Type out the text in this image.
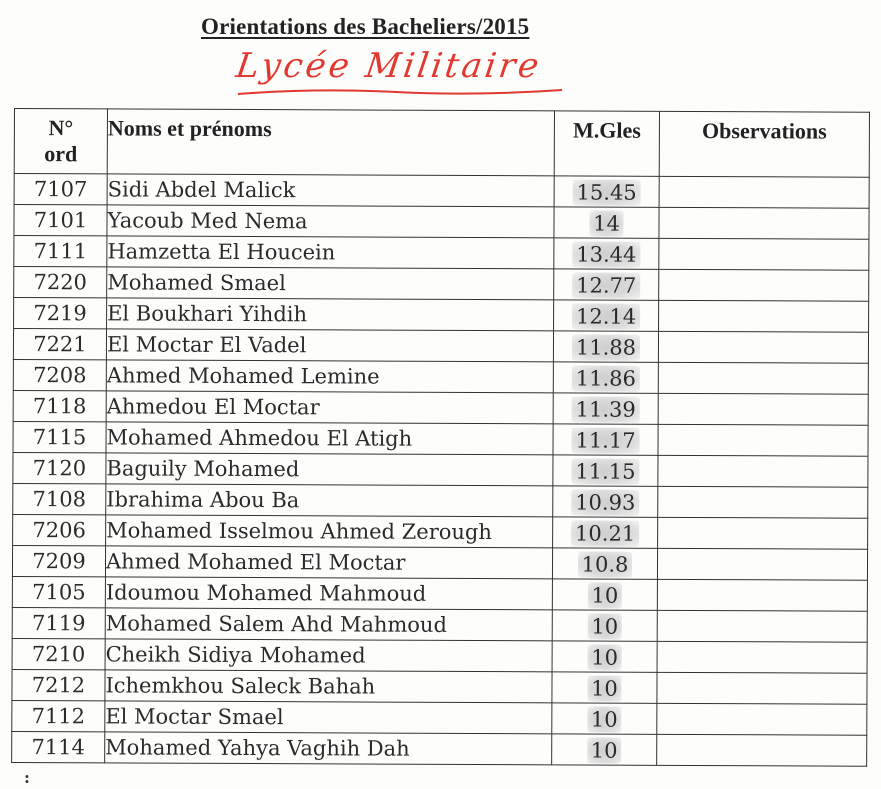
Orientations des Bacheliers/2015
Lycée Militaire
N°
ord	Noms et prénoms	M.Gles	Observations
7107	Sidi Abdel Malick	15.45	
7101	Yacoub Med Nema	14	
7111	Hamzetta El Houcein	13.44	
7220	Mohamed Smael	12.77	
7219	El Boukhari Yihdih	12.14	
7221	El Moctar El Vadel	11.88	
7208	Ahmed Mohamed Lemine	11.86	
7118	Ahmedou El Moctar	11.39	
7115	Mohamed Ahmedou El Atigh	11.17	
7120	Baguily Mohamed	11.15	
7108	Ibrahima Abou Ba	10.93	
7206	Mohamed Isselmou Ahmed Zerough	10.21	
7209	Ahmed Mohamed El Moctar	10.8	
7105	Idoumou Mohamed Mahmoud	10	
7119	Mohamed Salem Ahd Mahmoud	10	
7210	Cheikh Sidiya Mohamed	10	
7212	Ichemkhou Saleck Bahah	10	
7112	El Moctar Smael	10	
7114	Mohamed Yahya Vaghih Dah	10	
:
